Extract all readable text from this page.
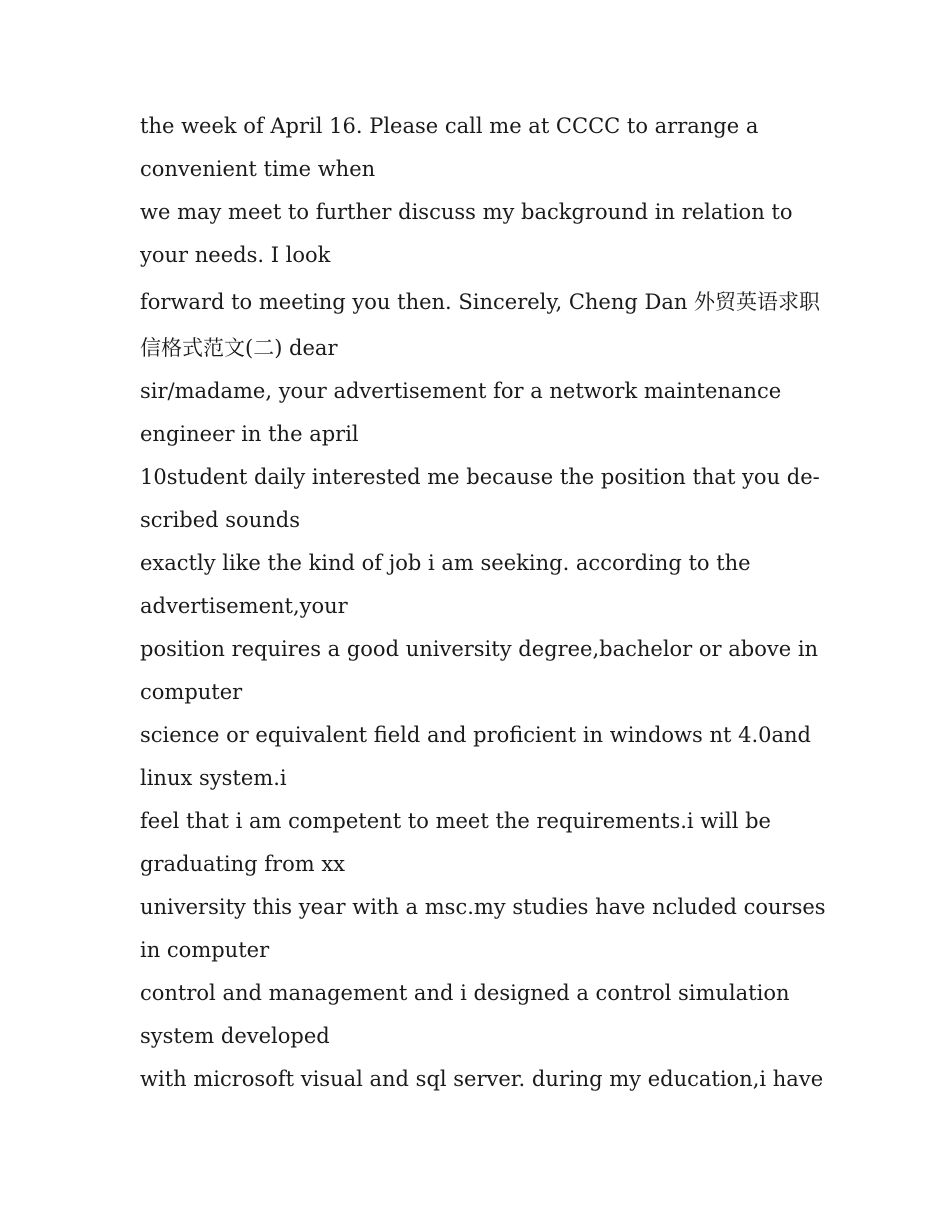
the week of April 16. Please call me at CCCC to arrange a
convenient time when
we may meet to further discuss my background in relation to
your needs. I look
forward to meeting you then. Sincerely, Cheng Dan 外贸英语求职
信格式范文(二) dear
sir/madame, your advertisement for a network maintenance
engineer in the april
10student daily interested me because the position that you de-
scribed sounds
exactly like the kind of job i am seeking. according to the
advertisement,your
position requires a good university degree,bachelor or above in
computer
science or equivalent field and proficient in windows nt 4.0and
linux system.i
feel that i am competent to meet the requirements.i will be
graduating from xx
university this year with a msc.my studies have ncluded courses
in computer
control and management and i designed a control simulation
system developed
with microsoft visual and sql server. during my education,i have
